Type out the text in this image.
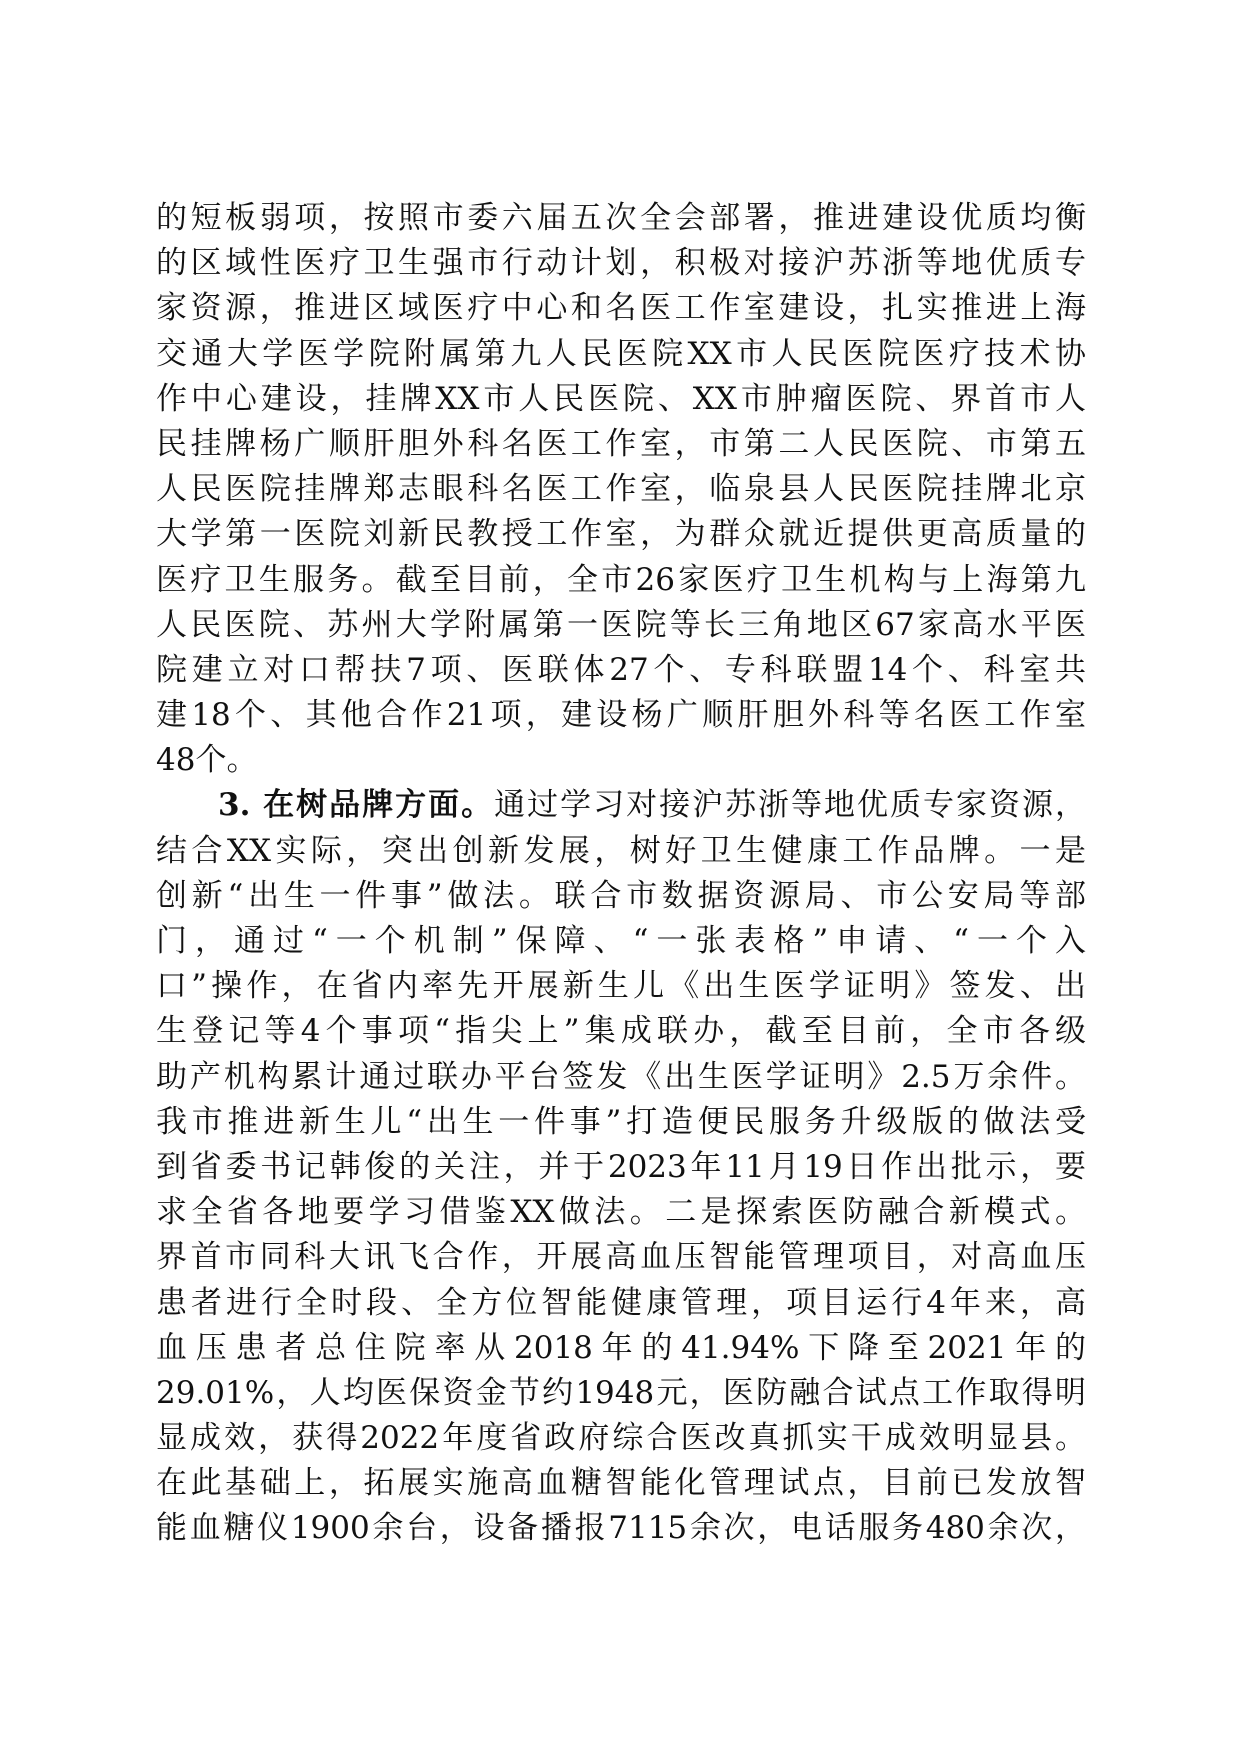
的短板弱项，按照市委六届五次全会部署，推进建设优质均衡
的区域性医疗卫生强市行动计划，积极对接沪苏浙等地优质专
家资源，推进区域医疗中心和名医工作室建设，扎实推进上海
交通大学医学院附属第九人民医院XX市人民医院医疗技术协
作中心建设，挂牌XX市人民医院、XX市肿瘤医院、界首市人
民挂牌杨广顺肝胆外科名医工作室，市第二人民医院、市第五
人民医院挂牌郑志眼科名医工作室，临泉县人民医院挂牌北京
大学第一医院刘新民教授工作室，为群众就近提供更高质量的
医疗卫生服务。截至目前，全市26家医疗卫生机构与上海第九
人民医院、苏州大学附属第一医院等长三角地区67家高水平医
院建立对口帮扶7项、医联体27个、专科联盟14个、科室共
建18个、其他合作21项，建设杨广顺肝胆外科等名医工作室
48个。
3. 在树品牌方面。通过学习对接沪苏浙等地优质专家资源，
结合XX实际，突出创新发展，树好卫生健康工作品牌。一是
创新“出生一件事”做法。联合市数据资源局、市公安局等部
门，通过“一个机制”保障、“一张表格”申请、“一个入
口”操作，在省内率先开展新生儿《出生医学证明》签发、出
生登记等4个事项“指尖上”集成联办，截至目前，全市各级
助产机构累计通过联办平台签发《出生医学证明》2.5万余件。
我市推进新生儿“出生一件事”打造便民服务升级版的做法受
到省委书记韩俊的关注，并于2023年11月19日作出批示，要
求全省各地要学习借鉴XX做法。二是探索医防融合新模式。
界首市同科大讯飞合作，开展高血压智能管理项目，对高血压
患者进行全时段、全方位智能健康管理，项目运行4年来，高
血压患者总住院率从2018年的41.94%下降至2021年的
29.01%，人均医保资金节约1948元，医防融合试点工作取得明
显成效，获得2022年度省政府综合医改真抓实干成效明显县。
在此基础上，拓展实施高血糖智能化管理试点，目前已发放智
能血糖仪1900余台，设备播报7115余次，电话服务480余次，
